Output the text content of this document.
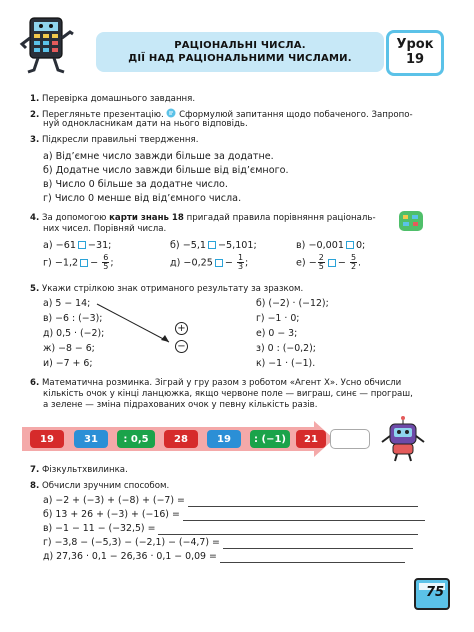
РАЦІОНАЛЬНІ ЧИСЛА.
ДІЇ НАД РАЦІОНАЛЬНИМИ ЧИСЛАМИ.
Урок
19
1. Перевірка домашнього завдання.
2. Перегляньте презентацію. Сформулюй запитання щодо побаченого. Запропо-
нуй однокласникам дати на нього відповідь.
3. Підкресли правильні твердження.
а) Від’ємне число завжди більше за додатне.
б) Додатне число завжди більше від від’ємного.
в) Число 0 більше за додатне число.
г) Число 0 менше від від’ємного числа.
4. За допомогою карти знань 18 пригадай правила порівняння раціональ-
них чисел. Порівняй числа.
а) −61 −31;	б) −5,1 −5,101;	в) −0,001 0;
$г) -1,2 - \frac{6}{5}$ ;	$д) -0,25 - \frac{1}{3}$ ;	$е) - \frac{2}{5} - \frac{5}{2}$ .
5. Укажи стрілкою знак отриманого результату за зразком.
а) 5 − 14;
в) −6 : (−3);
д) 0,5 · (−2);
ж) −8 − 6;
и) −7 + 6;
б) (−2) · (−12);
г) −1 · 0;
е) 0 − 3;
з) 0 : (−0,2);
к) −1 · (−1).
+
−
6. Математична розминка. Зіграй у гру разом з роботом «Агент Х». Усно обчисли
кількість очок у кінці ланцюжка, якщо червоне поле — виграш, синє — програш,
а зелене — зміна підрахованих очок у певну кількість разів.
19	31	: 0,5	28	19 : (−1) 21
7. Фізкультхвилинка.
8. Обчисли зручним способом.
а) −2 + (−3) + (−8) + (−7) =
б) 13 + 26 + (−3) + (−16) =
в) −1 − 11 − (−32,5) =
г) −3,8 − (−5,3) − (−2,1) − (−4,7) =
д) 27,36 · 0,1 − 26,36 · 0,1 − 0,09 =
75
